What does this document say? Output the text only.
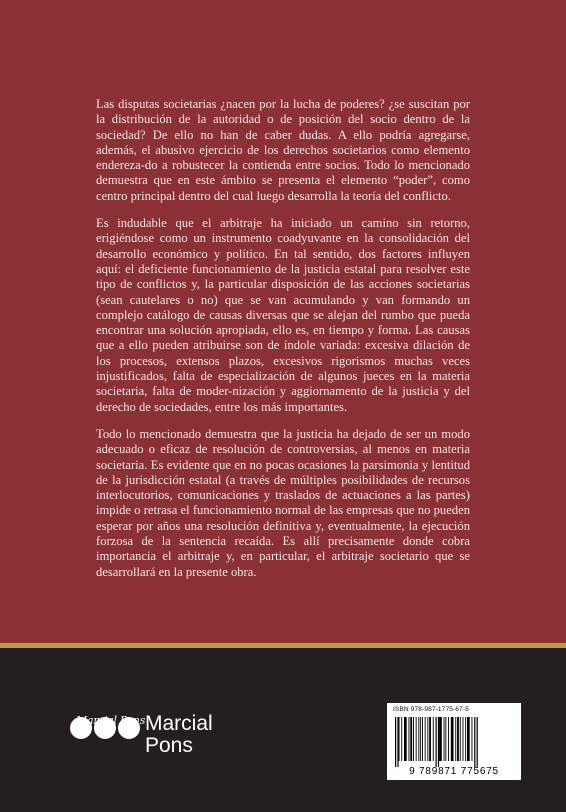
Las disputas societarias ¿nacen por la lucha de poderes? ¿se suscitan por la distribución de la autoridad o de posición del socio dentro de la sociedad? De ello no han de caber dudas. A ello podría agregarse, además, el abusivo ejercicio de los derechos societarios como elemento endereza-do a robustecer la contienda entre socios. Todo lo mencionado demuestra que en este ámbito se presenta el elemento “poder”, como centro principal dentro del cual luego desarrolla la teoría del conflicto.

Es indudable que el arbitraje ha iniciado un camino sin retorno, erigiéndose como un instrumento coadyuvante en la consolidación del desarrollo económico y político. En tal sentido, dos factores influyen aquí: el deficiente funcionamiento de la justicia estatal para resolver este tipo de conflictos y, la particular disposición de las acciones societarias (sean cautelares o no) que se van acumulando y van formando un complejo catálogo de causas diversas que se alejan del rumbo que pueda encontrar una solución apropiada, ello es, en tiempo y forma. Las causas que a ello pueden atribuirse son de índole variada: excesiva dilación de los procesos, extensos plazos, excesivos rigorismos muchas veces injustificados, falta de especialización de algunos jueces en la materia societaria, falta de moder-nización y aggiornamento de la justicia y del derecho de sociedades, entre los más importantes.

Todo lo mencionado demuestra que la justicia ha dejado de ser un modo adecuado o eficaz de resolución de controversias, al menos en materia societaria. Es evidente que en no pocas ocasiones la parsimonia y lentitud de la jurisdicción estatal (a través de múltiples posibilidades de recursos interlocutorios, comunicaciones y traslados de actuaciones a las partes) impide o retrasa el funcionamiento normal de las empresas que no pueden esperar por años una resolución definitiva y, eventualmente, la ejecución forzosa de la sentencia recaída. Es allí precisamente donde cobra importancia el arbitraje y, en particular, el arbitraje societario que se desarrollará en la presente obra.

Marcial Pons Marcial
Pons
ISBN 978-987-1775-67-5
9 789871 775675
